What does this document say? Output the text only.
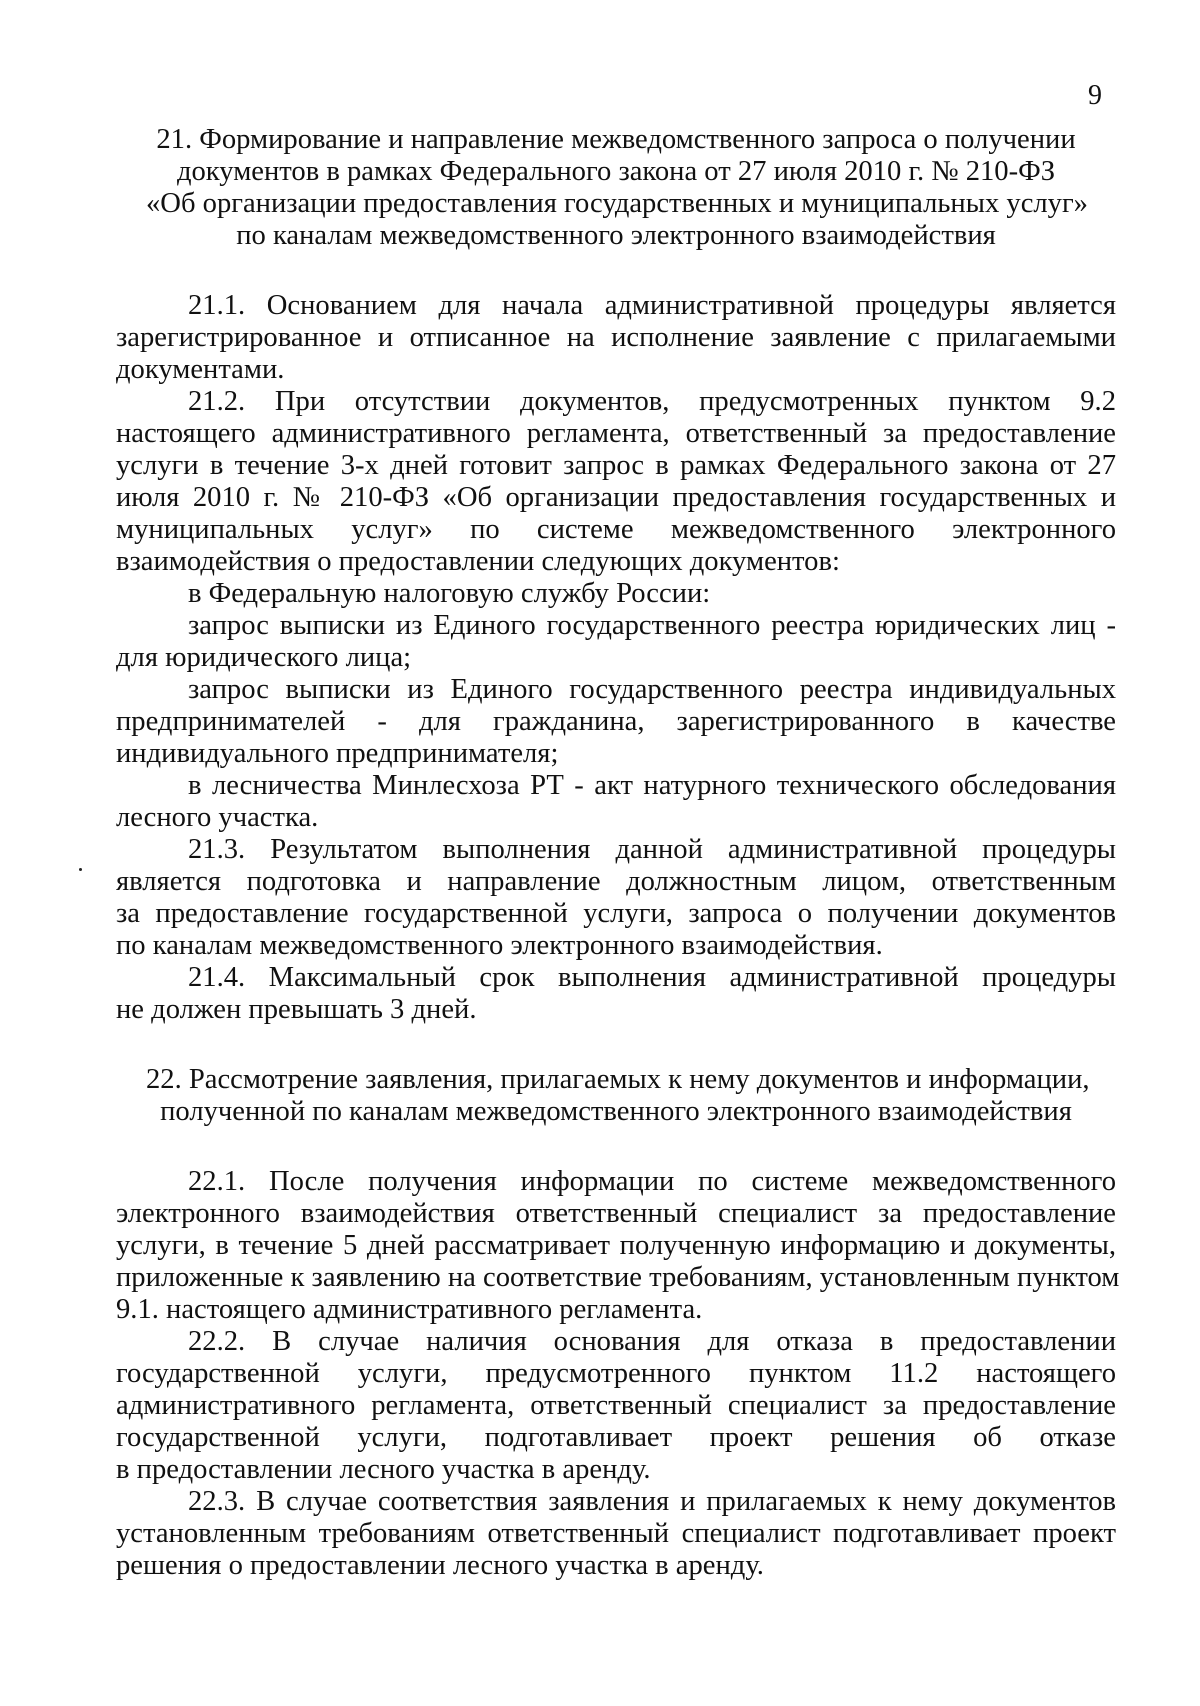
9
21. Формирование и направление межведомственного запроса о получении
документов в рамках Федерального закона от 27 июля 2010 г. № 210-ФЗ
«Об организации предоставления государственных и муниципальных услуг»
по каналам межведомственного электронного взаимодействия
21.1. Основанием для начала административной процедуры является
зарегистрированное и отписанное на исполнение заявление с прилагаемыми
документами.
21.2. При отсутствии документов, предусмотренных пунктом 9.2
настоящего административного регламента, ответственный за предоставление
услуги в течение 3-х дней готовит запрос в рамках Федерального закона от 27
июля 2010 г. № 210-ФЗ «Об организации предоставления государственных и
муниципальных услуг» по системе межведомственного электронного
взаимодействия о предоставлении следующих документов:
в Федеральную налоговую службу России:
запрос выписки из Единого государственного реестра юридических лиц -
для юридического лица;
запрос выписки из Единого государственного реестра индивидуальных
предпринимателей - для гражданина, зарегистрированного в качестве
индивидуального предпринимателя;
в лесничества Минлесхоза РТ - акт натурного технического обследования
лесного участка.
21.3. Результатом выполнения данной административной процедуры
является подготовка и направление должностным лицом, ответственным
за предоставление государственной услуги, запроса о получении документов
по каналам межведомственного электронного взаимодействия.
21.4. Максимальный срок выполнения административной процедуры
не должен превышать 3 дней.
22. Рассмотрение заявления, прилагаемых к нему документов и информации,
полученной по каналам межведомственного электронного взаимодействия
22.1. После получения информации по системе межведомственного
электронного взаимодействия ответственный специалист за предоставление
услуги, в течение 5 дней рассматривает полученную информацию и документы,
приложенные к заявлению на соответствие требованиям, установленным пунктом
9.1. настоящего административного регламента.
22.2. В случае наличия основания для отказа в предоставлении
государственной услуги, предусмотренного пунктом 11.2 настоящего
административного регламента, ответственный специалист за предоставление
государственной услуги, подготавливает проект решения об отказе
в предоставлении лесного участка в аренду.
22.3. В случае соответствия заявления и прилагаемых к нему документов
установленным требованиям ответственный специалист подготавливает проект
решения о предоставлении лесного участка в аренду.
